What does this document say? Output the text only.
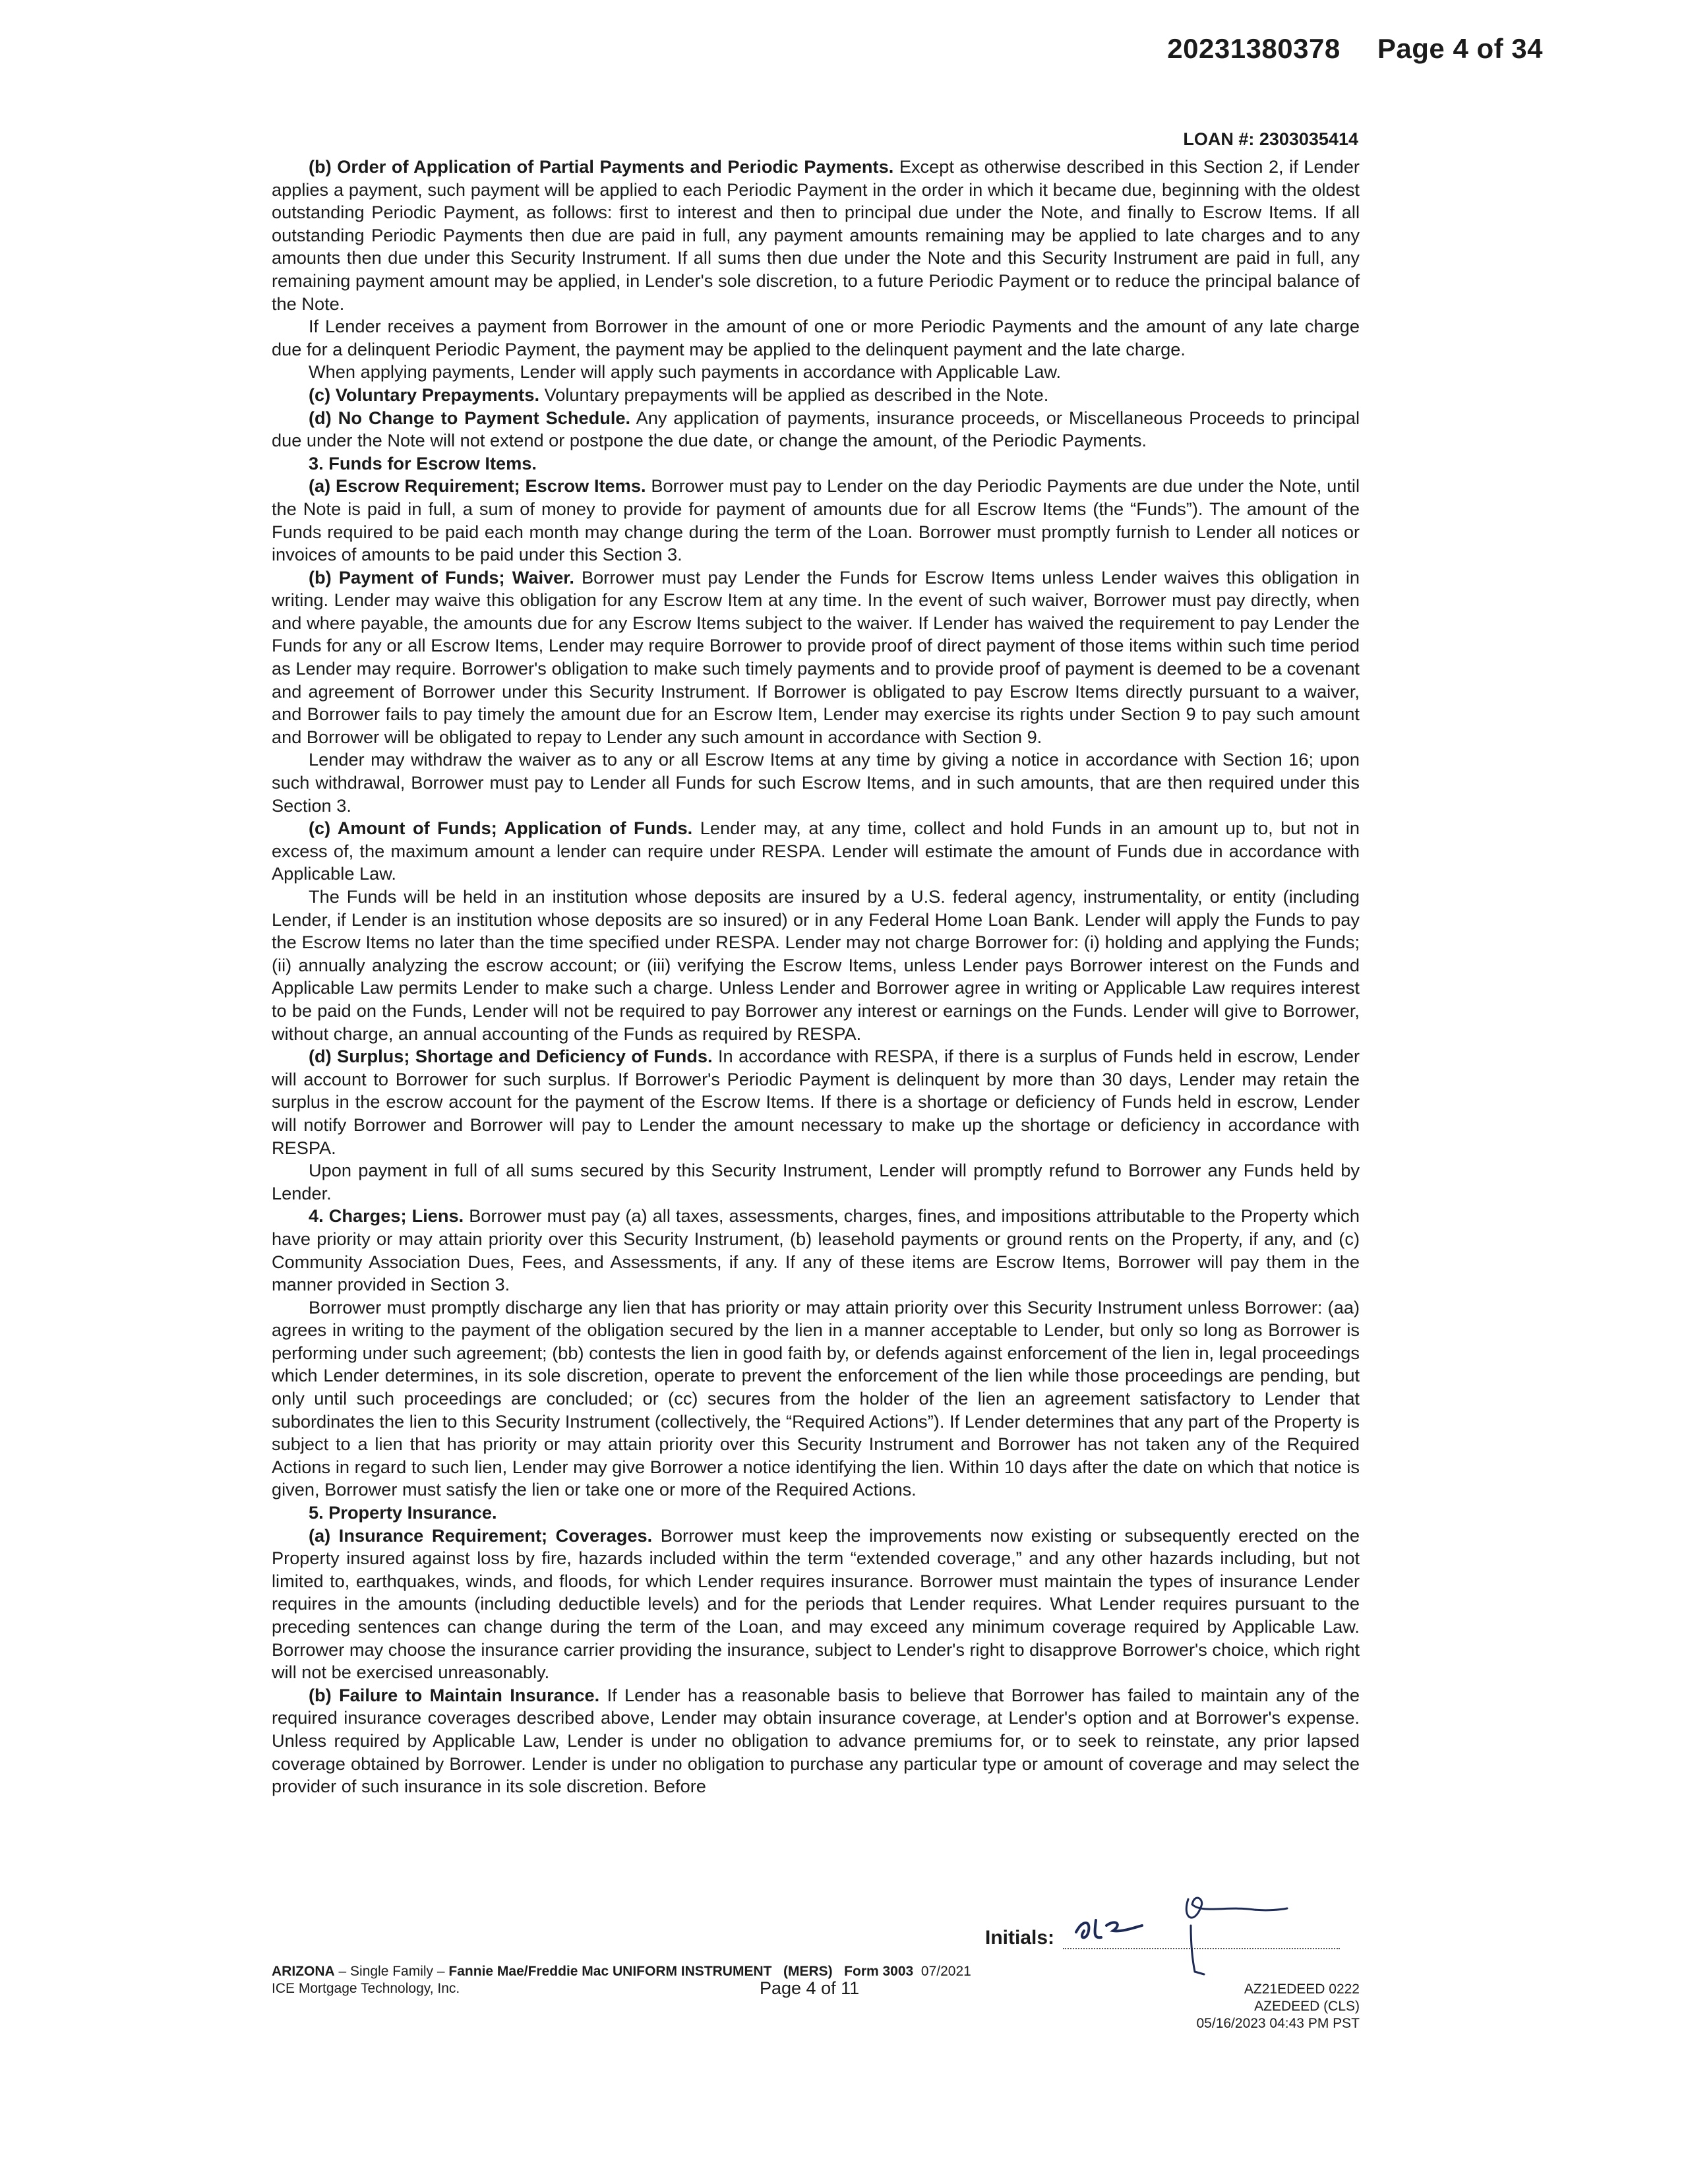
20231380378 Page 4 of 34
LOAN #: 2303035414

(b) Order of Application of Partial Payments and Periodic Payments. Except as otherwise described in this Section 2, if Lender applies a payment, such payment will be applied to each Periodic Payment in the order in which it became due, beginning with the oldest outstanding Periodic Payment, as follows: first to interest and then to principal due under the Note, and finally to Escrow Items. If all outstanding Periodic Payments then due are paid in full, any payment amounts remaining may be applied to late charges and to any amounts then due under this Security Instrument. If all sums then due under the Note and this Security Instrument are paid in full, any remaining payment amount may be applied, in Lender's sole discretion, to a future Periodic Payment or to reduce the principal balance of the Note.

If Lender receives a payment from Borrower in the amount of one or more Periodic Payments and the amount of any late charge due for a delinquent Periodic Payment, the payment may be applied to the delinquent payment and the late charge.

When applying payments, Lender will apply such payments in accordance with Applicable Law.

(c) Voluntary Prepayments. Voluntary prepayments will be applied as described in the Note.

(d) No Change to Payment Schedule. Any application of payments, insurance proceeds, or Miscellaneous Proceeds to principal due under the Note will not extend or postpone the due date, or change the amount, of the Periodic Payments.

3. Funds for Escrow Items.

(a) Escrow Requirement; Escrow Items. Borrower must pay to Lender on the day Periodic Payments are due under the Note, until the Note is paid in full, a sum of money to provide for payment of amounts due for all Escrow Items (the “Funds”). The amount of the Funds required to be paid each month may change during the term of the Loan. Borrower must promptly furnish to Lender all notices or invoices of amounts to be paid under this Section 3.

(b) Payment of Funds; Waiver. Borrower must pay Lender the Funds for Escrow Items unless Lender waives this obligation in writing. Lender may waive this obligation for any Escrow Item at any time. In the event of such waiver, Borrower must pay directly, when and where payable, the amounts due for any Escrow Items subject to the waiver. If Lender has waived the requirement to pay Lender the Funds for any or all Escrow Items, Lender may require Borrower to provide proof of direct payment of those items within such time period as Lender may require. Borrower's obligation to make such timely payments and to provide proof of payment is deemed to be a covenant and agreement of Borrower under this Security Instrument. If Borrower is obligated to pay Escrow Items directly pursuant to a waiver, and Borrower fails to pay timely the amount due for an Escrow Item, Lender may exercise its rights under Section 9 to pay such amount and Borrower will be obligated to repay to Lender any such amount in accordance with Section 9.

Lender may withdraw the waiver as to any or all Escrow Items at any time by giving a notice in accordance with Section 16; upon such withdrawal, Borrower must pay to Lender all Funds for such Escrow Items, and in such amounts, that are then required under this Section 3.

(c) Amount of Funds; Application of Funds. Lender may, at any time, collect and hold Funds in an amount up to, but not in excess of, the maximum amount a lender can require under RESPA. Lender will estimate the amount of Funds due in accordance with Applicable Law.

The Funds will be held in an institution whose deposits are insured by a U.S. federal agency, instrumentality, or entity (including Lender, if Lender is an institution whose deposits are so insured) or in any Federal Home Loan Bank. Lender will apply the Funds to pay the Escrow Items no later than the time specified under RESPA. Lender may not charge Borrower for: (i) holding and applying the Funds; (ii) annually analyzing the escrow account; or (iii) verifying the Escrow Items, unless Lender pays Borrower interest on the Funds and Applicable Law permits Lender to make such a charge. Unless Lender and Borrower agree in writing or Applicable Law requires interest to be paid on the Funds, Lender will not be required to pay Borrower any interest or earnings on the Funds. Lender will give to Borrower, without charge, an annual accounting of the Funds as required by RESPA.

(d) Surplus; Shortage and Deficiency of Funds. In accordance with RESPA, if there is a surplus of Funds held in escrow, Lender will account to Borrower for such surplus. If Borrower's Periodic Payment is delinquent by more than 30 days, Lender may retain the surplus in the escrow account for the payment of the Escrow Items. If there is a shortage or deficiency of Funds held in escrow, Lender will notify Borrower and Borrower will pay to Lender the amount necessary to make up the shortage or deficiency in accordance with RESPA.

Upon payment in full of all sums secured by this Security Instrument, Lender will promptly refund to Borrower any Funds held by Lender.

4. Charges; Liens. Borrower must pay (a) all taxes, assessments, charges, fines, and impositions attributable to the Property which have priority or may attain priority over this Security Instrument, (b) leasehold payments or ground rents on the Property, if any, and (c) Community Association Dues, Fees, and Assessments, if any. If any of these items are Escrow Items, Borrower will pay them in the manner provided in Section 3.

Borrower must promptly discharge any lien that has priority or may attain priority over this Security Instrument unless Borrower: (aa) agrees in writing to the payment of the obligation secured by the lien in a manner acceptable to Lender, but only so long as Borrower is performing under such agreement; (bb) contests the lien in good faith by, or defends against enforcement of the lien in, legal proceedings which Lender determines, in its sole discretion, operate to prevent the enforcement of the lien while those proceedings are pending, but only until such proceedings are concluded; or (cc) secures from the holder of the lien an agreement satisfactory to Lender that subordinates the lien to this Security Instrument (collectively, the “Required Actions”). If Lender determines that any part of the Property is subject to a lien that has priority or may attain priority over this Security Instrument and Borrower has not taken any of the Required Actions in regard to such lien, Lender may give Borrower a notice identifying the lien. Within 10 days after the date on which that notice is given, Borrower must satisfy the lien or take one or more of the Required Actions.

5. Property Insurance.

(a) Insurance Requirement; Coverages. Borrower must keep the improvements now existing or subsequently erected on the Property insured against loss by fire, hazards included within the term “extended coverage,” and any other hazards including, but not limited to, earthquakes, winds, and floods, for which Lender requires insurance. Borrower must maintain the types of insurance Lender requires in the amounts (including deductible levels) and for the periods that Lender requires. What Lender requires pursuant to the preceding sentences can change during the term of the Loan, and may exceed any minimum coverage required by Applicable Law. Borrower may choose the insurance carrier providing the insurance, subject to Lender's right to disapprove Borrower's choice, which right will not be exercised unreasonably.

(b) Failure to Maintain Insurance. If Lender has a reasonable basis to believe that Borrower has failed to maintain any of the required insurance coverages described above, Lender may obtain insurance coverage, at Lender's option and at Borrower's expense. Unless required by Applicable Law, Lender is under no obligation to advance premiums for, or to seek to reinstate, any prior lapsed coverage obtained by Borrower. Lender is under no obligation to purchase any particular type or amount of coverage and may select the provider of such insurance in its sole discretion. Before

Initials:
ARIZONA – Single Family – Fannie Mae/Freddie Mac UNIFORM INSTRUMENT (MERS) Form 3003 07/2021
ICE Mortgage Technology, Inc.	Page 4 of 11	AZ21EDEED 0222
AZEDEED (CLS)
05/16/2023 04:43 PM PST
